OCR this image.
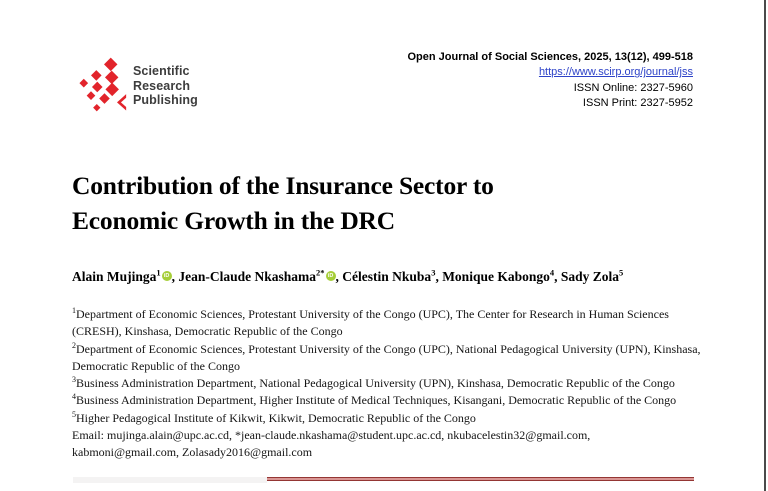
Scientific
Research
Publishing
Open Journal of Social Sciences, 2025, 13(12), 499-518
https://www.scirp.org/journal/jss
ISSN Online: 2327-5960
ISSN Print: 2327-5952
Contribution of the Insurance Sector to
Economic Growth in the DRC
Alain Mujinga$^1$ iD , Jean-Claude Nkashama$^{2*}$ iD , Célestin Nkuba$^3$, Monique Kabongo$^4$, Sady Zola$^5$
$^1$Department of Economic Sciences, Protestant University of the Congo (UPC), The Center for Research in Human Sciences
(CRESH), Kinshasa, Democratic Republic of the Congo
$^2$Department of Economic Sciences, Protestant University of the Congo (UPC), National Pedagogical University (UPN), Kinshasa,
Democratic Republic of the Congo
$^3$Business Administration Department, National Pedagogical University (UPN), Kinshasa, Democratic Republic of the Congo
$^4$Business Administration Department, Higher Institute of Medical Techniques, Kisangani, Democratic Republic of the Congo
$^5$Higher Pedagogical Institute of Kikwit, Kikwit, Democratic Republic of the Congo
Email: mujinga.alain@upc.ac.cd, *jean-claude.nkashama@student.upc.ac.cd, nkubacelestin32@gmail.com,
kabmoni@gmail.com, Zolasady2016@gmail.com
